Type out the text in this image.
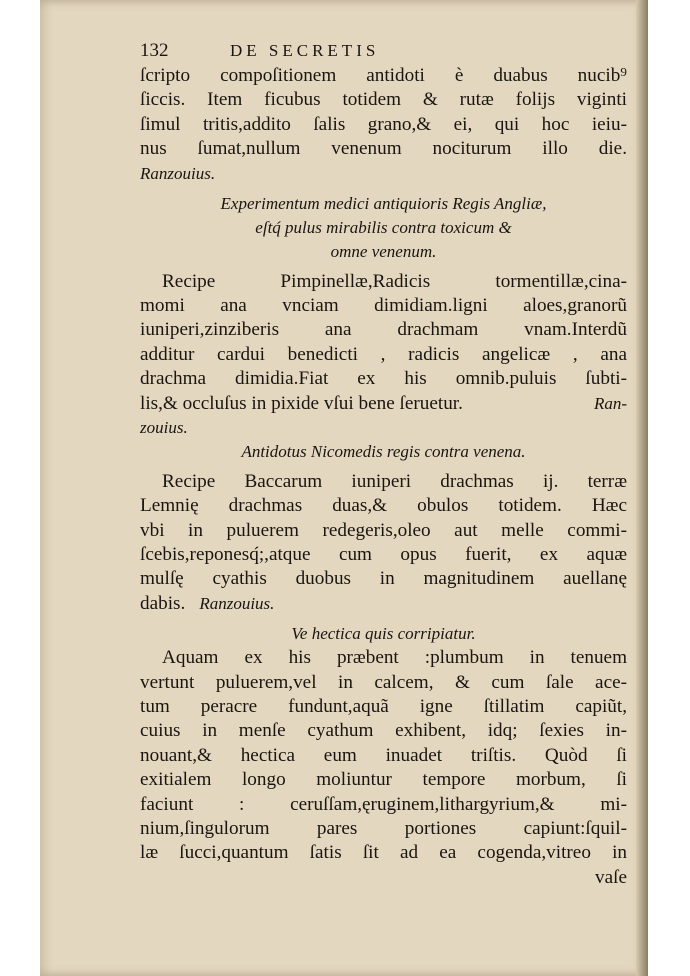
132	DE SECRETIS
ſcripto compoſitionem antidoti è duabus nucib⁹
ſiccis. Item ficubus totidem & rutæ folijs viginti
ſimul tritis,addito ſalis grano,& ei, qui hoc ieiu-
nus ſumat,nullum venenum nociturum illo die.
Ranzouius.
Experimentum medici antiquioris Regis Angliæ,
eſtq́ pulus mirabilis contra toxicum &
omne venenum.
Recipe Pimpinellæ,Radicis tormentillæ,cina-
momi ana vnciam dimidiam.ligni aloes,granorũ
iuniperi,zinziberis ana drachmam vnam.Interdũ
additur cardui benedicti , radicis angelicæ , ana
drachma dimidia.Fiat ex his omnib.puluis ſubti-
lis,& occluſus in pixide vſui bene ſeruetur.	Ran-
zouius.
Antidotus Nicomedis regis contra venena.
Recipe Baccarum iuniperi drachmas ij. terræ
Lemnię drachmas duas,& obulos totidem. Hæc
vbi in puluerem redegeris,oleo aut melle commi-
ſcebis,reponesq́;,atque cum opus fuerit, ex aquæ
mulſę cyathis duobus in magnitudinem auellanę
dabis. Ranzouius.
Ve hectica quis corripiatur.
Aquam ex his præbent :plumbum in tenuem
vertunt puluerem,vel in calcem, & cum ſale ace-
tum peracre fundunt,aquã igne ſtillatim capiũt,
cuius in menſe cyathum exhibent, idq; ſexies in-
nouant,& hectica eum inuadet triſtis. Quòd ſi
exitialem longo moliuntur tempore morbum, ſi
faciunt : ceruſſam,ęruginem,lithargyrium,& mi-
nium,ſingulorum pares portiones capiunt:ſquil-
læ ſucci,quantum ſatis ſit ad ea cogenda,vitreo in
vaſe
